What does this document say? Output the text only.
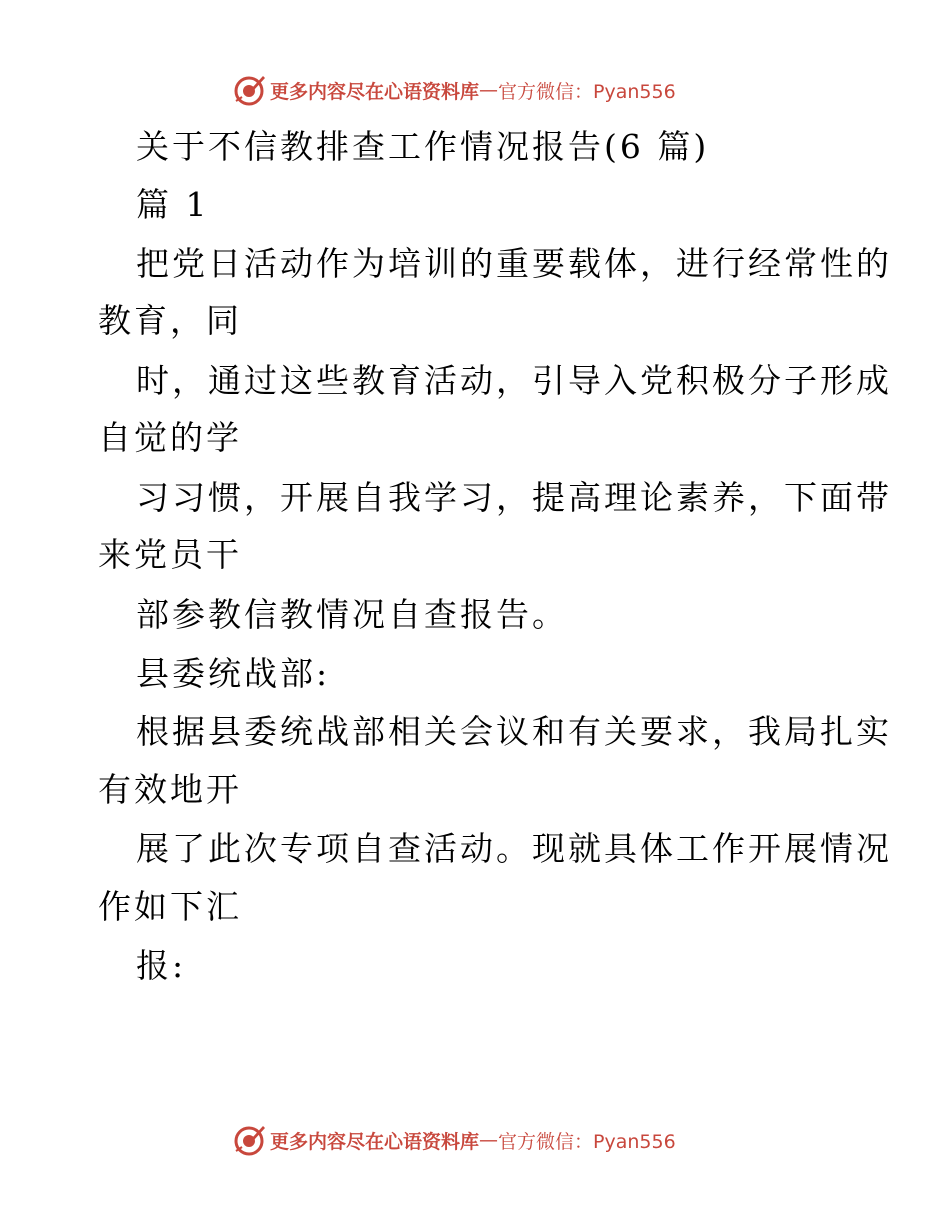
更多内容尽在心语资料库 — 官方微信：Pyan556
关于不信教排查工作情况报告(6 篇)
篇 1
把党日活动作为培训的重要载体，进行经常性的
教育，同
时，通过这些教育活动，引导入党积极分子形成
自觉的学
习习惯，开展自我学习，提高理论素养，下面带
来党员干
部参教信教情况自查报告。
县委统战部:
根据县委统战部相关会议和有关要求，我局扎实
有效地开
展了此次专项自查活动。现就具体工作开展情况
作如下汇
报:
更多内容尽在心语资料库 — 官方微信：Pyan556
